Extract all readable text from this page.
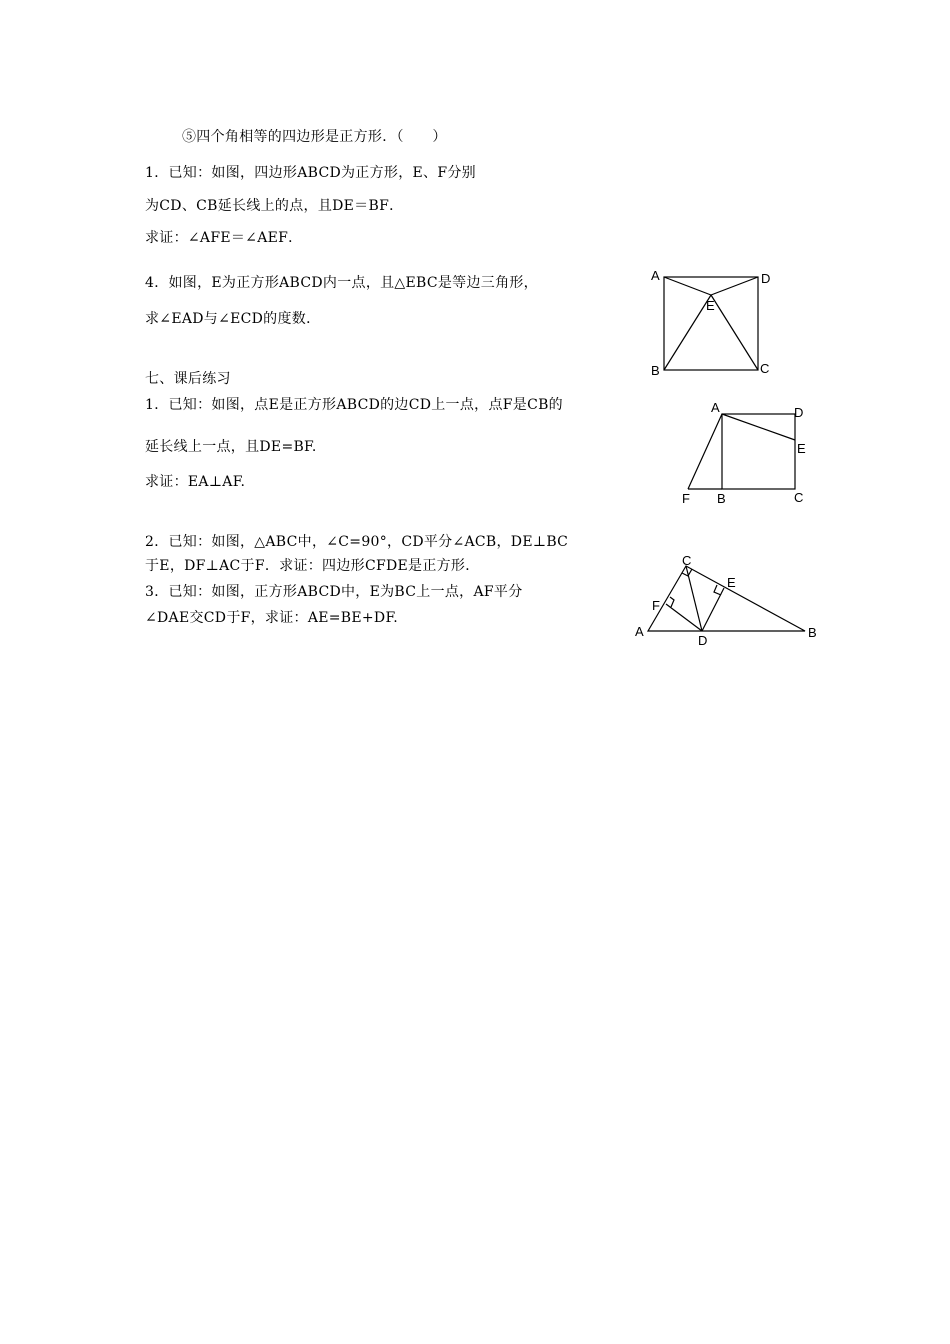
⑤四个角相等的四边形是正方形．（　　）
1．已知：如图，四边形ABCD为正方形，E、F分别
为CD、CB延长线上的点，且DE＝BF．
求证：∠AFE＝∠AEF．
4．如图，E为正方形ABCD内一点，且△EBC是等边三角形，
求∠EAD与∠ECD的度数．
七、课后练习
1．已知：如图，点E是正方形ABCD的边CD上一点，点F是CB的
延长线上一点，且DE=BF.
求证：EA⊥AF.
2．已知：如图，△ABC中，∠C=90°，CD平分∠ACB，DE⊥BC
于E，DF⊥AC于F．求证：四边形CFDE是正方形．
3．已知：如图，正方形ABCD中，E为BC上一点，AF平分
∠DAE交CD于F，求证：AE=BE+DF.
A	D
E
B	C
A	D
E
F B	C
C
E
F
A
D
B
